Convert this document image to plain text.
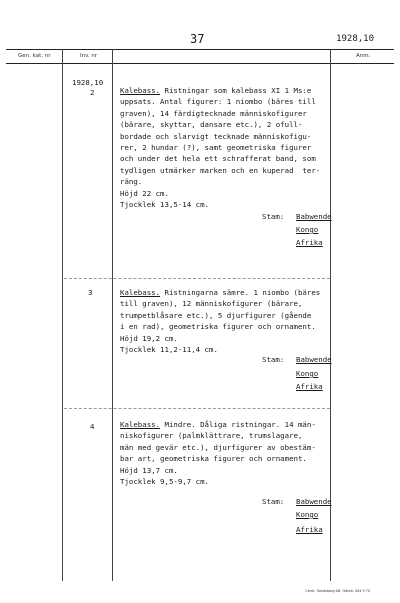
37	1928,10
Gen. kat. nr	Inv. nr	Anm.
1928,10
2	Kalebass. Ristningar som kalebass XI 1 Ms:e
uppsats. Antal figurer: 1 niombo (bäres till
graven), 14 färdigtecknade människofigurer
(bärare, skyttar, dansare etc.), 2 ofull-
bordade och slarvigt tecknade människofigu-
rer, 2 hundar (?), samt geometriska figurer
och under det hela ett schrafferat band, som
tydligen utmärker marken och en kuperad  ter-
räng.
Höjd 22 cm.
Tjocklek 13,5-14 cm.
Stam: Babwende
Kongo
Afrika
3	Kalebass. Ristningarna sämre. 1 niombo (bäres
till graven), 12 människofigurer (bärare,
trumpetblåsare etc.), 5 djurfigurer (gående
i en rad), geometriska figurer och ornament.
Höjd 19,2 cm.
Tjocklek 11,2-11,4 cm.
Stam: Babwende
Kongo
Afrika
4	Kalebass. Mindre. Dåliga ristningar. 14 män-
niskofigurer (palmklättrare, trumslagare,
män med gevär etc.), djurfigurer av obestäm-
bar art, geometriska figurer och ornament.
Höjd 13,7 cm.
Tjocklek 9,5-9,7 cm.
Stam: Babwende
Kongo
Afrika
Centr. Sandsborg AB, Göteb. 444 9 70
